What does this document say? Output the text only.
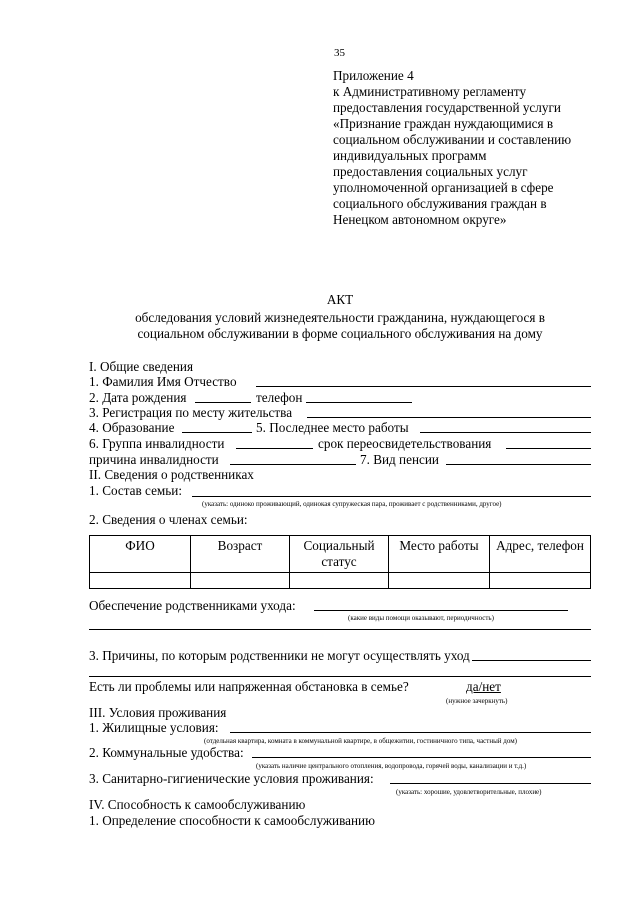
35
Приложение 4
к Административному регламенту
предоставления государственной услуги
«Признание граждан нуждающимися в
социальном обслуживании и составлению
индивидуальных программ
предоставления социальных услуг
уполномоченной организацией в сфере
социального обслуживания граждан в
Ненецком автономном округе»
АКТ
обследования условий жизнедеятельности гражданина, нуждающегося в
социальном обслуживании в форме социального обслуживания на дому
I. Общие сведения
1. Фамилия Имя Отчество
2. Дата рождения	телефон
3. Регистрация по месту жительства
4. Образование	5. Последнее место работы
6. Группа инвалидности	срок переосвидетельствования
причина инвалидности	7. Вид пенсии
II. Сведения о родственниках
1. Состав семьи:
(указать: одиноко проживающий, одинокая супружеская пара, проживает с родственниками, другое)
2. Сведения о членах семьи:
ФИО	Возраст	Социальный статус	Место работы	Адрес, телефон

Обеспечение родственниками ухода:
(какие виды помощи оказывают, периодичность)
3. Причины, по которым родственники не могут осуществлять уход
Есть ли проблемы или напряженная обстановка в семье?	да/нет
(нужное зачеркнуть)
III. Условия проживания
1. Жилищные условия:
(отдельная квартира, комната в коммунальной квартире, в общежитии, гостиничного типа, частный дом)
2. Коммунальные удобства:
(указать наличие центрального отопления, водопровода, горячей воды, канализации и т.д.)
3. Санитарно-гигиенические условия проживания:
(указать: хорошие, удовлетворительные, плохие)
IV. Способность к самообслуживанию
1. Определение способности к самообслуживанию
